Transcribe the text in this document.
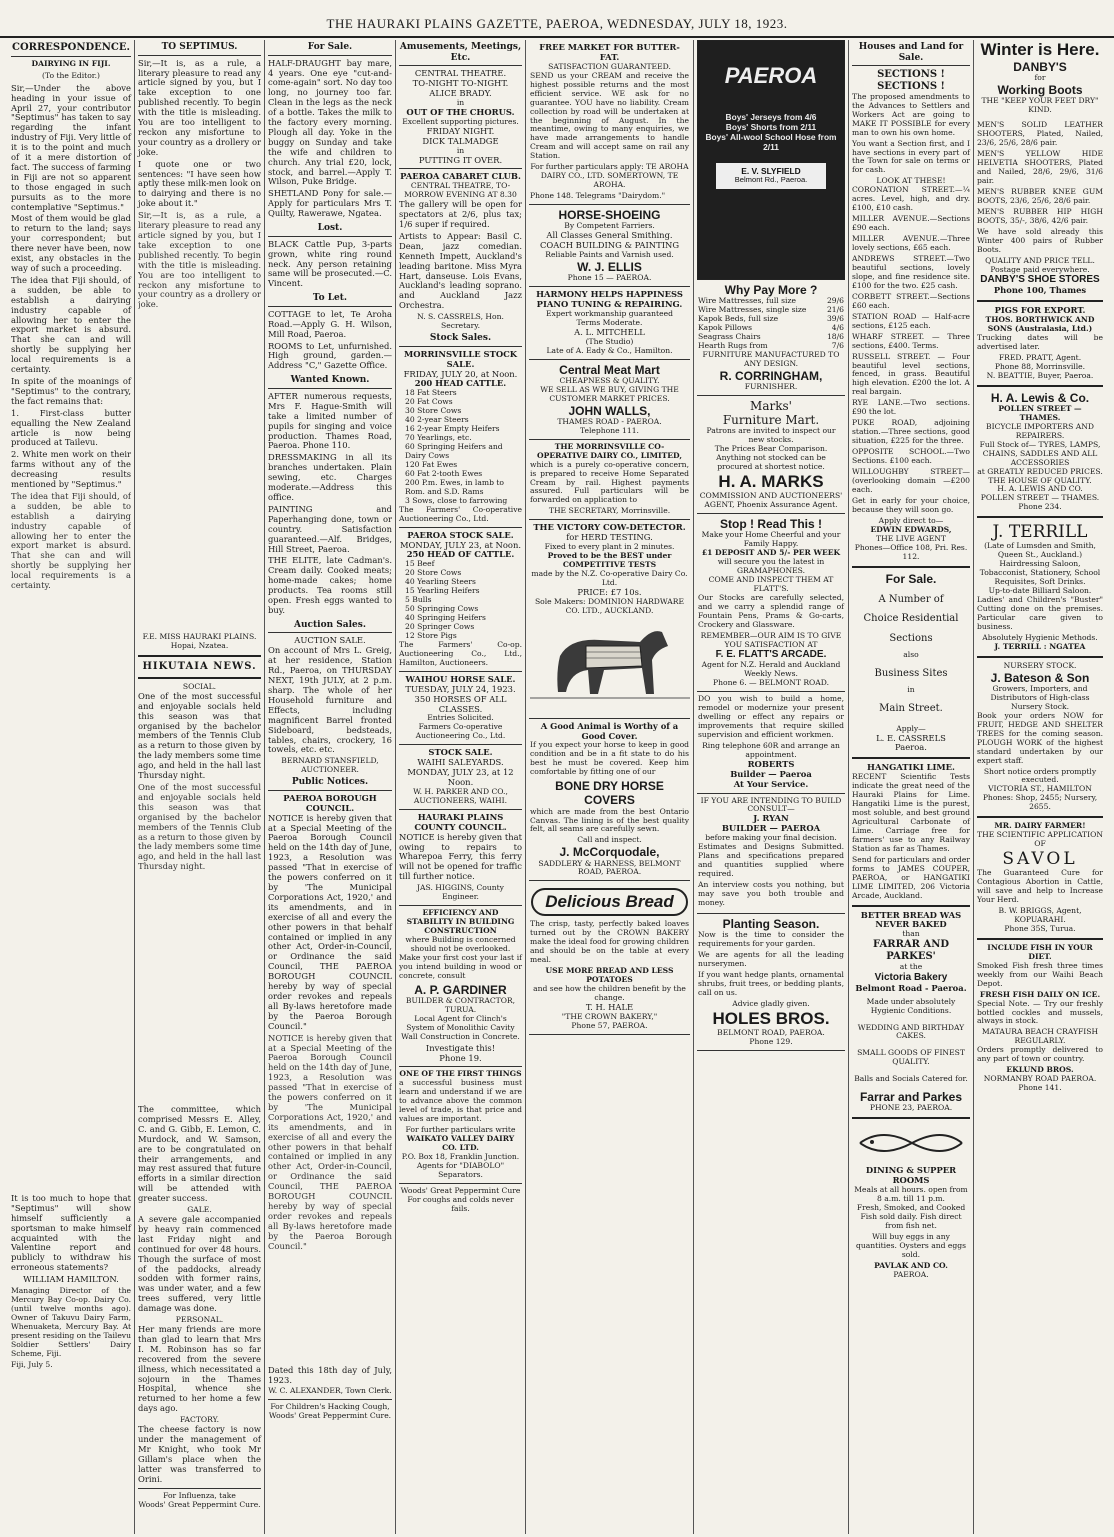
THE HAURAKI PLAINS GAZETTE, PAEROA, WEDNESDAY, JULY 18, 1923.
CORRESPONDENCE.
DAIRYING IN FIJI.
(To the Editor.)

Sir,—Under the above heading in your issue of April 27, your contributor "Septimus" has taken to say regarding the infant industry of Fiji. Very little of it is to the point and much of it a mere distortion of fact. The success of farming in Fiji are not so apparent to those engaged in such pursuits as to the more contemplative "Septimus."

Most of them would be glad to return to the land; says your correspondent; but there never have been, now exist, any obstacles in the way of such a proceeding.

The idea that Fiji should, of a sudden, be able to establish a dairying industry capable of allowing her to enter the export market is absurd. That she can and will shortly be supplying her local requirements is a certainty.

In spite of the moanings of "Septimus" to the contrary, the fact remains that:

1. First-class butter equalling the New Zealand article is now being produced at Tailevu.

2. White men work on their farms without any of the decreasing results mentioned by "Septimus."

The idea that Fiji should, of a sudden, be able to establish a dairying industry capable of allowing her to enter the export market is absurd. That she can and will shortly be supplying her local requirements is a certainty.

It is too much to hope that "Septimus" will show himself sufficiently a sportsman to make himself acquainted with the Valentine report and publicly to withdraw his erroneous statements?

WILLIAM HAMILTON.

Managing Director of the Mercury Bay Co-op. Dairy Co. (until twelve months ago). Owner of Takuvu Dairy Farm, Whenuaketa, Mercury Bay. At present residing on the Tailevu Soldier Settlers' Dairy Scheme, Fiji.

Fiji, July 5.
TO SEPTIMUS.

Sir,—It is, as a rule, a literary pleasure to read any article signed by you, but I take exception to one published recently. To begin with the title is misleading. You are too intelligent to reckon any misfortune to your country as a drollery or joke.

I quote one or two sentences: "I have seen how aptly these milk-men look on to dairying and there is no joke about it."

Sir,—It is, as a rule, a literary pleasure to read any article signed by you, but I take exception to one published recently. To begin with the title is misleading. You are too intelligent to reckon any misfortune to your country as a drollery or joke.

F.E. MISS HAURAKI PLAINS. Hopai, Nzatea.
HIKUTAIA NEWS.
SOCIAL.

One of the most successful and enjoyable socials held this season was that organised by the bachelor members of the Tennis Club as a return to those given by the lady members some time ago, and held in the hall last Thursday night.

One of the most successful and enjoyable socials held this season was that organised by the bachelor members of the Tennis Club as a return to those given by the lady members some time ago, and held in the hall last Thursday night.

The committee, which comprised Messrs E. Alley, C. and G. Gibb, E. Lemon, C. Murdock, and W. Samson, are to be congratulated on their arrangements, and may rest assured that future efforts in a similar direction will be attended with greater success.

GALE.

A severe gale accompanied by heavy rain commenced last Friday night and continued for over 48 hours. Though the surface of most of the paddocks, already sodden with former rains, was under water, and a few trees suffered, very little damage was done.

PERSONAL.

Her many friends are more than glad to learn that Mrs I. M. Robinson has so far recovered from the severe illness, which necessitated a sojourn in the Thames Hospital, whence she returned to her home a few days ago.

FACTORY.

The cheese factory is now under the management of Mr Knight, who took Mr Gillam's place when the latter was transferred to Orini.

For Influenza, take
Woods' Great Peppermint Cure.
For Sale.

HALF-DRAUGHT bay mare, 4 years. One eye "cut-and-come-again" sort. No day too long, no journey too far. Clean in the legs as the neck of a bottle. Takes the milk to the factory every morning. Plough all day. Yoke in the buggy on Sunday and take the wife and children to church. Any trial £20, lock, stock, and barrel.—Apply T. Wilson, Puke Bridge.

SHETLAND Pony for sale.—Apply for particulars Mrs T. Quilty, Rawerawe, Ngatea.

Lost.

BLACK Cattle Pup, 3-parts grown, white ring round neck. Any person retaining same will be prosecuted.—C. Vincent.

To Let.

COTTAGE to let, Te Aroha Road.—Apply G. H. Wilson, Mill Road, Paeroa.

ROOMS to Let, unfurnished. High ground, garden.—Address "C," Gazette Office.

Wanted Known.

AFTER numerous requests, Mrs F. Hague-Smith will take a limited number of pupils for singing and voice production. Thames Road, Paeroa. Phone 110.

DRESSMAKING in all its branches undertaken. Plain sewing, etc. Charges moderate.—Address this office.

PAINTING and Paperhanging done, town or country. Satisfaction guaranteed.—Alf. Bridges, Hill Street, Paeroa.

THE ELITE, late Cadman's. Cream daily. Cooked meats; home-made cakes; home products. Tea rooms still open. Fresh eggs wanted to buy.

Auction Sales.
AUCTION SALE.

On account of Mrs L. Greig, at her residence, Station Rd., Paeroa, on THURSDAY NEXT, 19th JULY, at 2 p.m. sharp. The whole of her Household furniture and Effects, including magnificent Barrel fronted Sideboard, bedsteads, tables, chairs, crockery, 16 towels, etc. etc.

BERNARD STANSFIELD, AUCTIONEER.
Public Notices.
PAEROA BOROUGH COUNCIL.

NOTICE is hereby given that at a Special Meeting of the Paeroa Borough Council held on the 14th day of June, 1923, a Resolution was passed "That in exercise of the powers conferred on it by 'The Municipal Corporations Act, 1920,' and its amendments, and in exercise of all and every the other powers in that behalf contained or implied in any other Act, Order-in-Council, or Ordinance the said Council, THE PAEROA BOROUGH COUNCIL hereby by way of special order revokes and repeals all By-laws heretofore made by the Paeroa Borough Council."

NOTICE is hereby given that at a Special Meeting of the Paeroa Borough Council held on the 14th day of June, 1923, a Resolution was passed "That in exercise of the powers conferred on it by 'The Municipal Corporations Act, 1920,' and its amendments, and in exercise of all and every the other powers in that behalf contained or implied in any other Act, Order-in-Council, or Ordinance the said Council, THE PAEROA BOROUGH COUNCIL hereby by way of special order revokes and repeals all By-laws heretofore made by the Paeroa Borough Council."

Dated this 18th day of July, 1923.

W. C. ALEXANDER, Town Clerk.
For Children's Hacking Cough,
Woods' Great Peppermint Cure.
Amusements, Meetings, Etc.
CENTRAL THEATRE.
TO-NIGHT TO-NIGHT.
ALICE BRADY.
in
OUT OF THE CHORUS.
Excellent supporting pictures.
FRIDAY NIGHT.
DICK TALMADGE
in
PUTTING IT OVER.
PAEROA CABARET CLUB.
CENTRAL THEATRE, TO-MORROW EVENING AT 8.30

The gallery will be open for spectators at 2/6, plus tax; 1/6 super if required.

Artists to Appear: Basil C. Dean, jazz comedian. Kenneth Impett, Auckland's leading baritone. Miss Myra Hart, danseuse. Lois Evans, Auckland's leading soprano. and Auckland Jazz Orchestra.

N. S. CASSRELS, Hon. Secretary.
Stock Sales.
MORRINSVILLE STOCK SALE.
FRIDAY, JULY 20, at Noon.
200 HEAD CATTLE.
18 Fat Steers
20 Fat Cows
30 Store Cows
40 2-year Steers
16 2-year Empty Heifers
70 Yearlings, etc.
60 Springing Heifers and Dairy Cows
120 Fat Ewes
60 Fat 2-tooth Ewes
200 P.m. Ewes, in lamb to Rom. and S.D. Rams
3 Sows, close to farrowing

The Farmers' Co-operative Auctioneering Co., Ltd.

PAEROA STOCK SALE.
MONDAY, JULY 23, at Noon.
250 HEAD OF CATTLE.
15 Beef
20 Store Cows
40 Yearling Steers
15 Yearling Heifers
5 Bulls
50 Springing Cows
40 Springing Heifers
20 Springer Cows
12 Store Pigs

The Farmers' Co-op. Auctioneering Co., Ltd., Hamilton, Auctioneers.

WAIHOU HORSE SALE.
TUESDAY, JULY 24, 1923.
350 HORSES OF ALL CLASSES.
Entries Solicited.
Farmers Co-operative Auctioneering Co., Ltd.
STOCK SALE.
WAIHI SALEYARDS.
MONDAY, JULY 23, at 12 Noon.
W. H. PARKER AND CO., AUCTIONEERS, WAIHI.
HAURAKI PLAINS COUNTY COUNCIL.

NOTICE is hereby given that owing to repairs to Wharepoa Ferry, this ferry will not be opened for traffic till further notice.

JAS. HIGGINS, County Engineer.
EFFICIENCY AND STABILITY IN BUILDING CONSTRUCTION
where Building is concerned should not be overlooked.

Make your first cost your last if you intend building in wood or concrete, consult

A. P. GARDINER
BUILDER & CONTRACTOR, TURUA.

Local Agent for Clinch's System of Monolithic Cavity Wall Construction in Concrete.

Investigate this!
Phone 19.
ONE OF THE FIRST THINGS

a successful business must learn and understand if we are to advance above the common level of trade, is that price and values are important.

For further particulars write
WAIKATO VALLEY DAIRY CO. LTD.
P.O. Box 18, Franklin Junction. Agents for "DIABOLO" Separators.
Woods' Great Peppermint Cure
For coughs and colds never fails.
FREE MARKET FOR BUTTER-FAT.
SATISFACTION GUARANTEED.

SEND us your CREAM and receive the highest possible returns and the most efficient service. WE ask for no guarantee. YOU have no liability. Cream collection by road will be undertaken at the beginning of August. In the meantime, owing to many enquiries, we have made arrangements to handle Cream and will accept same on rail any Station.

For further particulars apply: TE AROHA DAIRY CO., LTD. SOMERTOWN, TE AROHA.

Phone 148. Telegrams "Dairydom."
HORSE-SHOEING
By Competent Farriers.
All Classes General Smithing.
COACH BUILDING & PAINTING
Reliable Paints and Varnish used.
W. J. ELLIS
Phone 15 — PAEROA.
HARMONY HELPS HAPPINESS
PIANO TUNING & REPAIRING.
Expert workmanship guaranteed
Terms Moderate.
A. L. MITCHELL
(The Studio)
Late of A. Eady & Co., Hamilton.
Central Meat Mart
CHEAPNESS & QUALITY.
WE SELL AS WE BUY, GIVING THE CUSTOMER MARKET PRICES.
JOHN WALLS,
THAMES ROAD - PAEROA.
Telephone 111.
THE MORRINSVILLE CO-OPERATIVE DAIRY CO., LIMITED,

which is a purely co-operative concern, is prepared to receive Home Separated Cream by rail. Highest payments assured. Full particulars will be forwarded on application to

THE SECRETARY, Morrinsville.
THE VICTORY COW-DETECTOR.
for HERD TESTING.
Fixed to every plant in 2 minutes.
Proved to be the BEST under COMPETITIVE TESTS
made by the N.Z. Co-operative Dairy Co. Ltd.
PRICE: £7 10s.
Sole Makers: DOMINION HARDWARE CO. LTD., AUCKLAND.
A Good Animal is Worthy of a Good Cover.

If you expect your horse to keep in good condition and be in a fit state to do his best he must be covered. Keep him comfortable by fitting one of our

BONE DRY HORSE COVERS

which are made from the best Ontario Canvas. The lining is of the best quality felt, all seams are carefully sewn.

Call and inspect.
J. McCorquodale,
SADDLERY & HARNESS, BELMONT ROAD, PAEROA.
Delicious Bread

The crisp, tasty, perfectly baked loaves turned out by the CROWN BAKERY make the ideal food for growing children and should be on the table at every meal.

USE MORE BREAD AND LESS POTATOES
and see how the children benefit by the change.
T. H. HALE
"THE CROWN BAKERY,"
Phone 57, PAEROA.
PAEROA
Boys' Jerseys from 4/6
Boys' Shorts from 2/11
Boys' All-wool School Hose from 2/11
E. V. SLYFIELD
Belmont Rd., Paeroa.
Why Pay More ?
Wire Mattresses, full size	29/6
Wire Mattresses, single size	21/6
Kapok Beds, full size	39/6
Kapok Pillows	4/6
Seagrass Chairs	18/6
Hearth Rugs from	7/6
FURNITURE MANUFACTURED TO ANY DESIGN.
R. CORRINGHAM,
FURNISHER.
Marks'
Furniture Mart.
Patrons are invited to inspect our new stocks.
The Prices Bear Comparison.
Anything not stocked can be procured at shortest notice.
H. A. MARKS
COMMISSION AND AUCTIONEERS' AGENT, Phoenix Assurance Agent.
Stop ! Read This !
Make your Home Cheerful and your Family Happy.
£1 DEPOSIT AND 5/- PER WEEK
will secure you the latest in GRAMAPHONES.
COME AND INSPECT THEM AT FLATT'S.

Our Stocks are carefully selected, and we carry a splendid range of Fountain Pens, Prams & Go-carts, Crockery and Glassware.

REMEMBER—OUR AIM IS TO GIVE YOU SATISFACTION AT
F. E. FLATT'S ARCADE.
Agent for N.Z. Herald and Auckland Weekly News.
Phone 6. — BELMONT ROAD.

DO you wish to build a home, remodel or modernize your present dwelling or effect any repairs or improvements that require skilled supervision and efficient workmen.

Ring telephone 60R and arrange an appointment.
ROBERTS
Builder — Paeroa
At Your Service.
IF YOU ARE INTENDING TO BUILD CONSULT—
J. RYAN
BUILDER — PAEROA
before making your final decision.

Estimates and Designs Submitted. Plans and specifications prepared and quantities supplied where required.

An interview costs you nothing, but may save you both trouble and money.

Planting Season.

Now is the time to consider the requirements for your garden.

We are agents for all the leading nurserymen.

If you want hedge plants, ornamental shrubs, fruit trees, or bedding plants, call on us.

Advice gladly given.
HOLES BROS.
BELMONT ROAD, PAEROA.
Phone 129.
Houses and Land for Sale.
SECTIONS ! SECTIONS !

The proposed amendments to the Advances to Settlers and Workers Act are going to MAKE IT POSSIBLE for every man to own his own home.

You want a Section first, and I have sections in every part of the Town for sale on terms or for cash.

LOOK AT THESE!

CORONATION STREET.—¼ acres. Level, high, and dry. £100, £10 cash.

MILLER AVENUE.—Sections £90 each.

MILLER AVENUE.—Three lovely sections, £65 each.

ANDREWS STREET.—Two beautiful sections, lovely slope, and fine residence site. £100 for the two. £25 cash.

CORBETT STREET.—Sections £60 each.

STATION ROAD — Half-acre sections, £125 each.

WHARF STREET. — Three sections, £400. Terms.

RUSSELL STREET. — Four beautiful level sections, fenced, in grass. Beautiful high elevation. £200 the lot. A real bargain.

RYE LANE.—Two sections. £90 the lot.

PUKE ROAD, adjoining station.—Three sections, good situation, £225 for the three.

OPPOSITE SCHOOL.—Two Sections. £100 each.

WILLOUGHBY STREET—(overlooking domain —£200 each.

Get in early for your choice, because they will soon go.

Apply direct to—
EDWIN EDWARDS,
THE LIVE AGENT
Phones—Office 108, Pri. Res. 112.
For Sale.
A Number of
Choice Residential
Sections
also
Business Sites
in
Main Street.
Apply—
L. E. CASSRELS
Paeroa.
HANGATIKI LIME.

RECENT Scientific Tests indicate the great need of the Hauraki Plains for Lime. Hangatiki Lime is the purest, most soluble, and best ground Agricultural Carbonate of Lime. Carriage free for farmers' use to any Railway Station as far as Thames.

Send for particulars and order forms to JAMES COUPER, PAEROA, or HANGATIKI LIME LIMITED, 206 Victoria Arcade, Auckland.

BETTER BREAD WAS NEVER BAKED
than
FARRAR AND PARKES'
at the
Victoria Bakery
Belmont Road - Paeroa.
Made under absolutely Hygienic Conditions.
WEDDING AND BIRTHDAY CAKES.
SMALL GOODS OF FINEST QUALITY.
Balls and Socials Catered for.
Farrar and Parkes
PHONE 23, PAEROA.
DINING & SUPPER ROOMS
Meals at all hours. open from 8 a.m. till 11 p.m.

Fresh, Smoked, and Cooked Fish sold daily. Fish direct from fish net.

Will buy eggs in any quantities. Oysters and eggs sold.

PAVLAK AND CO.
PAEROA.
Winter is Here.
DANBY'S
for
Working Boots
THE "KEEP YOUR FEET DRY" KIND.

MEN'S SOLID LEATHER SHOOTERS, Plated, Nailed, 23/6, 25/6, 28/6 pair.

MEN'S YELLOW HIDE HELVETIA SHOOTERS, Plated and Nailed, 28/6, 29/6, 31/6 pair.

MEN'S RUBBER KNEE GUM BOOTS, 23/6, 25/6, 28/6 pair.

MEN'S RUBBER HIP HIGH BOOTS, 35/-, 38/6, 42/6 pair.

We have sold already this Winter 400 pairs of Rubber Boots.

QUALITY AND PRICE TELL.
Postage paid everywhere.
DANBY'S SHOE STORES
Phone 100, Thames
PIGS FOR EXPORT.
THOS. BORTHWICK AND SONS (Australasia, Ltd.)

Trucking dates will be advertised later.

FRED. PRATT, Agent.
Phone 88, Morrinsville.
N. BEATTIE, Buyer, Paeroa.
H. A. Lewis & Co.
POLLEN STREET — THAMES.
BICYCLE IMPORTERS AND REPAIRERS.
Full Stock of— TYRES, LAMPS, CHAINS, SADDLES AND ALL ACCESSORIES
at GREATLY REDUCED PRICES.
THE HOUSE OF QUALITY.
H. A. LEWIS AND CO.
POLLEN STREET — THAMES.
Phone 234.
J. TERRILL
(Late of Lumsden and Smith, Queen St., Auckland.)
Hairdressing Saloon, Tobacconist, Stationery, School Requisites, Soft Drinks.
Up-to-date Billiard Saloon.

Ladies' and Children's "Buster" Cutting done on the premises. Particular care given to business.

Absolutely Hygienic Methods.
J. TERRILL : NGATEA
NURSERY STOCK.
J. Bateson & Son
Growers, Importers, and Distributors of High-class Nursery Stock.

Book your orders NOW for FRUIT, HEDGE AND SHELTER TREES for the coming season. PLOUGH WORK of the highest standard undertaken by our expert staff.

Short notice orders promptly executed.
VICTORIA ST., HAMILTON
Phones: Shop, 2455; Nursery, 2655.
MR. DAIRY FARMER!
THE SCIENTIFIC APPLICATION OF
SAVOL

The Guaranteed Cure for Contagious Abortion in Cattle, will save and help to Increase Your Herd.

B. W. BRIGGS, Agent, KOPUARAHI.
Phone 35S, Turua.
INCLUDE FISH IN YOUR DIET.

Smoked Fish fresh three times weekly from our Waihi Beach Depot.

FRESH FISH DAILY ON ICE.

Special Note. — Try our freshly bottled cockles and mussels, always in stock.

MATAURA BEACH CRAYFISH REGULARLY.

Orders promptly delivered to any part of town or country.

EKLUND BROS.
NORMANBY ROAD PAEROA.
Phone 141.
